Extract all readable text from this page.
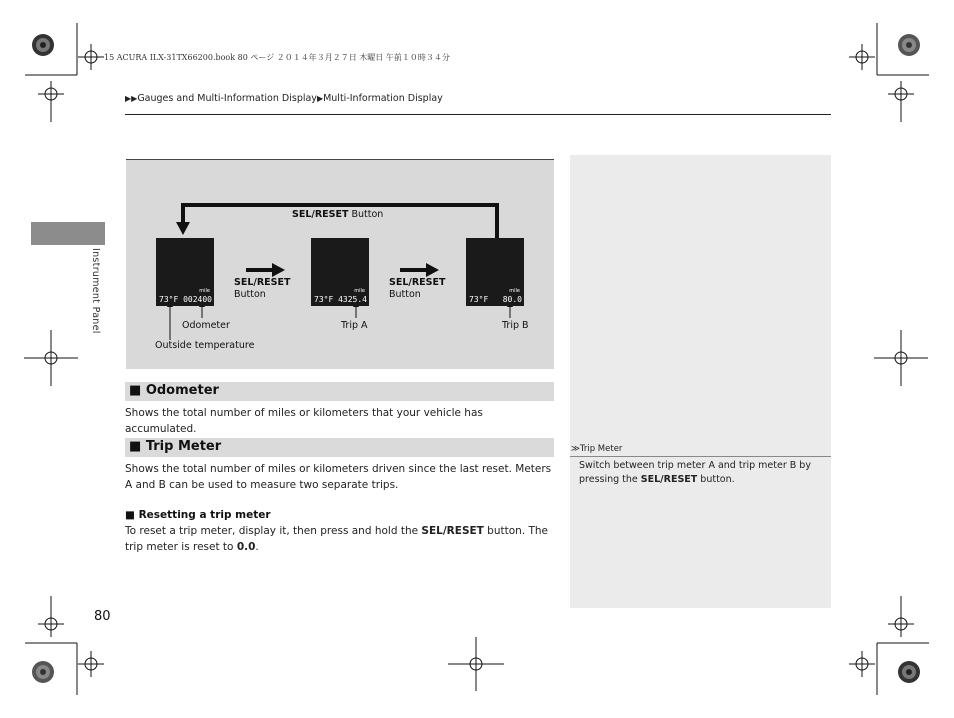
15 ACURA ILX-31TX66200.book 80 ページ ２０１４年３月２７日 木曜日 午前１０時３４分
▶▶Gauges and Multi-Information Display▶Multi-Information Display
Instrument Panel
SEL/RESET Button
mile
73°F 002400
mile
73°F 4325.4
mile
73°F 80.0
SEL/RESET
Button
SEL/RESET
Button
Odometer	Trip A	Trip B
Outside temperature
■ Odometer
Shows the total number of miles or kilometers that your vehicle has accumulated.
■ Trip Meter
Shows the total number of miles or kilometers driven since the last reset. Meters A and B can be used to measure two separate trips.
■ Resetting a trip meter
To reset a trip meter, display it, then press and hold the SEL/RESET button. The trip meter is reset to 0.0.
≫Trip Meter
Switch between trip meter A and trip meter B by pressing the SEL/RESET button.
80
